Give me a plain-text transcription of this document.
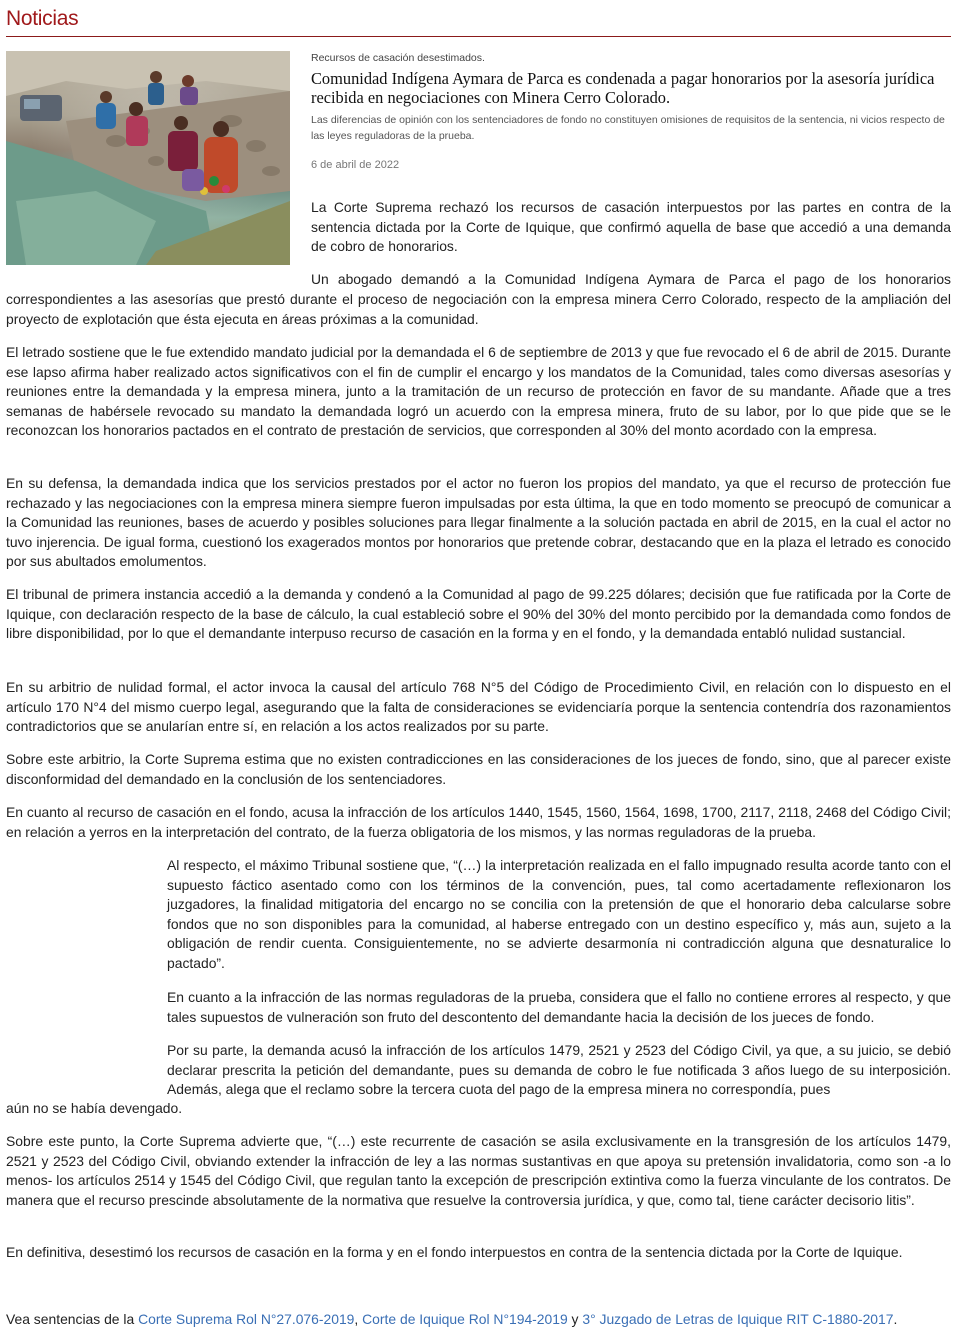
Noticias
Recursos de casación desestimados.
Comunidad Indígena Aymara de Parca es condenada a pagar honorarios por la asesoría jurídica recibida en negociaciones con Minera Cerro Colorado.
Las diferencias de opinión con los sentenciadores de fondo no constituyen omisiones de requisitos de la sentencia, ni vicios respecto de las leyes reguladoras de la prueba.
6 de abril de 2022

La Corte Suprema rechazó los recursos de casación interpuestos por las partes en contra de la sentencia dictada por la Corte de Iquique, que confirmó aquella de base que accedió a una demanda de cobro de honorarios.

Un abogado demandó a la Comunidad Indígena Aymara de Parca el pago de los honorarios

correspondientes a las asesorías que prestó durante el proceso de negociación con la empresa minera Cerro Colorado, respecto de la ampliación del proyecto de explotación que ésta ejecuta en áreas próximas a la comunidad.

El letrado sostiene que le fue extendido mandato judicial por la demandada el 6 de septiembre de 2013 y que fue revocado el 6 de abril de 2015. Durante ese lapso afirma haber realizado actos significativos con el fin de cumplir el encargo y los mandatos de la Comunidad, tales como diversas asesorías y reuniones entre la demandada y la empresa minera, junto a la tramitación de un recurso de protección en favor de su mandante. Añade que a tres semanas de habérsele revocado su mandato la demandada logró un acuerdo con la empresa minera, fruto de su labor, por lo que pide que se le reconozcan los honorarios pactados en el contrato de prestación de servicios, que corresponden al 30% del monto acordado con la empresa.

En su defensa, la demandada indica que los servicios prestados por el actor no fueron los propios del mandato, ya que el recurso de protección fue rechazado y las negociaciones con la empresa minera siempre fueron impulsadas por esta última, la que en todo momento se preocupó de comunicar a la Comunidad las reuniones, bases de acuerdo y posibles soluciones para llegar finalmente a la solución pactada en abril de 2015, en la cual el actor no tuvo injerencia. De igual forma, cuestionó los exagerados montos por honorarios que pretende cobrar, destacando que en la plaza el letrado es conocido por sus abultados emolumentos.

El tribunal de primera instancia accedió a la demanda y condenó a la Comunidad al pago de 99.225 dólares; decisión que fue ratificada por la Corte de Iquique, con declaración respecto de la base de cálculo, la cual estableció sobre el 90% del 30% del monto percibido por la demandada como fondos de libre disponibilidad, por lo que el demandante interpuso recurso de casación en la forma y en el fondo, y la demandada entabló nulidad sustancial.

En su arbitrio de nulidad formal, el actor invoca la causal del artículo 768 N°5 del Código de Procedimiento Civil, en relación con lo dispuesto en el artículo 170 N°4 del mismo cuerpo legal, asegurando que la falta de consideraciones se evidenciaría porque la sentencia contendría dos razonamientos contradictorios que se anularían entre sí, en relación a los actos realizados por su parte.

Sobre este arbitrio, la Corte Suprema estima que no existen contradicciones en las consideraciones de los jueces de fondo, sino, que al parecer existe disconformidad del demandado en la conclusión de los sentenciadores.

En cuanto al recurso de casación en el fondo, acusa la infracción de los artículos 1440, 1545, 1560, 1564, 1698, 1700, 2117, 2118, 2468 del Código Civil; en relación a yerros en la interpretación del contrato, de la fuerza obligatoria de los mismos, y las normas reguladoras de la prueba.

Al respecto, el máximo Tribunal sostiene que, “(…) la interpretación realizada en el fallo impugnado resulta acorde tanto con el supuesto fáctico asentado como con los términos de la convención, pues, tal como acertadamente reflexionaron los juzgadores, la finalidad mitigatoria del encargo no se concilia con la pretensión de que el honorario deba calcularse sobre fondos que no son disponibles para la comunidad, al haberse entregado con un destino específico y, más aun, sujeto a la obligación de rendir cuenta. Consiguientemente, no se advierte desarmonía ni contradicción alguna que desnaturalice lo pactado”.

En cuanto a la infracción de las normas reguladoras de la prueba, considera que el fallo no contiene errores al respecto, y que tales supuestos de vulneración son fruto del descontento del demandante hacia la decisión de los jueces de fondo.

Por su parte, la demanda acusó la infracción de los artículos 1479, 2521 y 2523 del Código Civil, ya que, a su juicio, se debió declarar prescrita la petición del demandante, pues su demanda de cobro le fue notificada 3 años luego de su interposición. Además, alega que el reclamo sobre la tercera cuota del pago de la empresa minera no correspondía, pues

aún no se había devengado.

Sobre este punto, la Corte Suprema advierte que, “(…) este recurrente de casación se asila exclusivamente en la transgresión de los artículos 1479, 2521 y 2523 del Código Civil, obviando extender la infracción de ley a las normas sustantivas en que apoya su pretensión invalidatoria, como son -a lo menos- los artículos 2514 y 1545 del Código Civil, que regulan tanto la excepción de prescripción extintiva como la fuerza vinculante de los contratos. De manera que el recurso prescinde absolutamente de la normativa que resuelve la controversia jurídica, y que, como tal, tiene carácter decisorio litis”.

En definitiva, desestimó los recursos de casación en la forma y en el fondo interpuestos en contra de la sentencia dictada por la Corte de Iquique.

Vea sentencias de la Corte Suprema Rol N°27.076-2019, Corte de Iquique Rol N°194-2019 y 3° Juzgado de Letras de Iquique RIT C-1880-2017.
